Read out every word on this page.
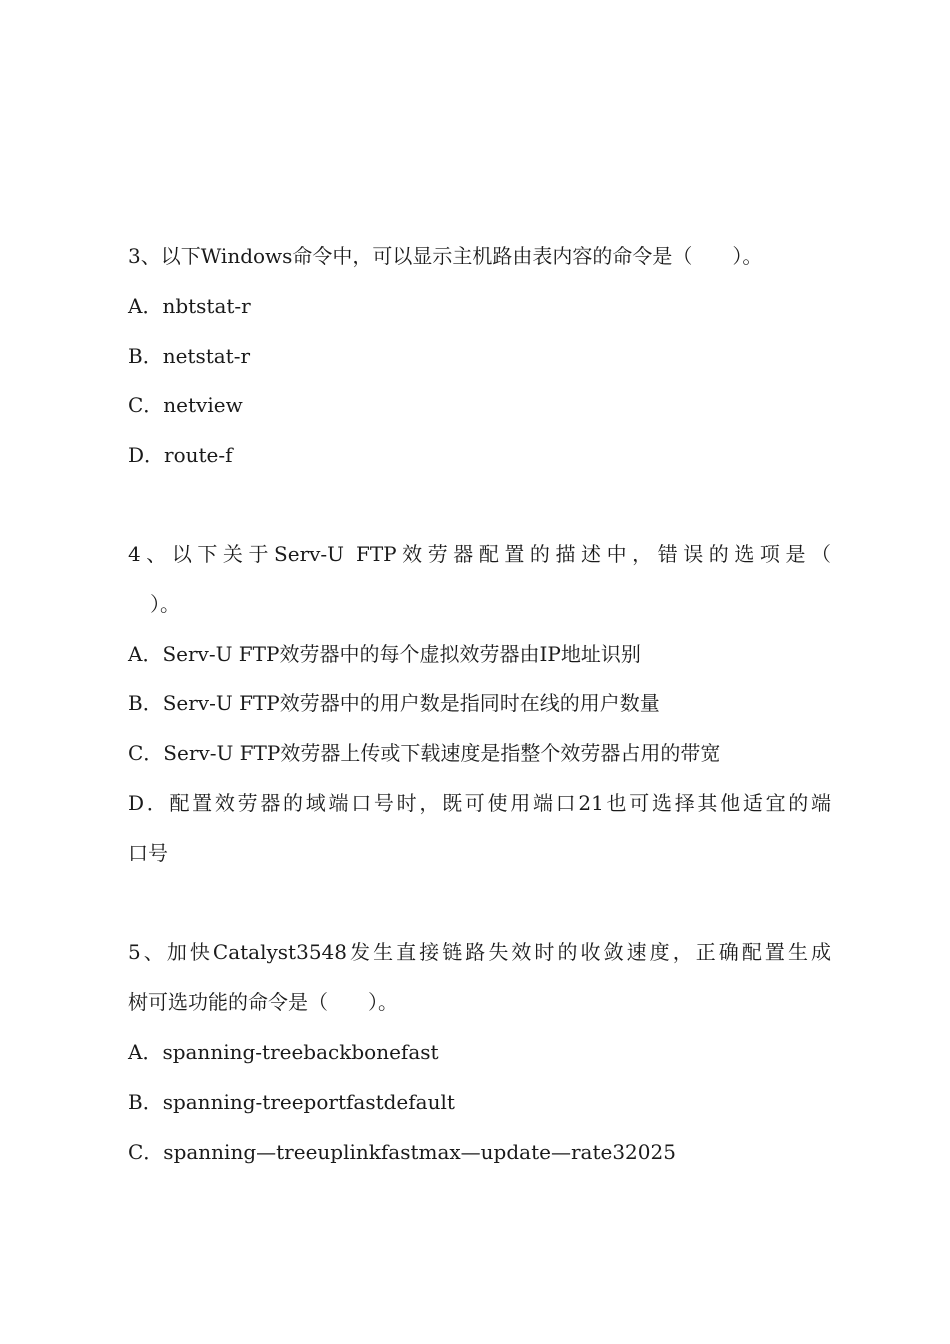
3、以下Windows命令中，可以显示主机路由表内容的命令是（　　）。
A．nbtstat-r
B．netstat-r
C．netview
D．route-f
4、以下关于Serv-U FTP效劳器配置的描述中，错误的选项是（
）。
A．Serv-U FTP效劳器中的每个虚拟效劳器由IP地址识别
B．Serv-U FTP效劳器中的用户数是指同时在线的用户数量
C．Serv-U FTP效劳器上传或下载速度是指整个效劳器占用的带宽
D．配置效劳器的域端口号时，既可使用端口21也可选择其他适宜的端
口号
5、加快Catalyst3548发生直接链路失效时的收敛速度，正确配置生成
树可选功能的命令是（　　）。
A．spanning-treebackbonefast
B．spanning-treeportfastdefault
C．spanning—treeuplinkfastmax—update—rate32025
